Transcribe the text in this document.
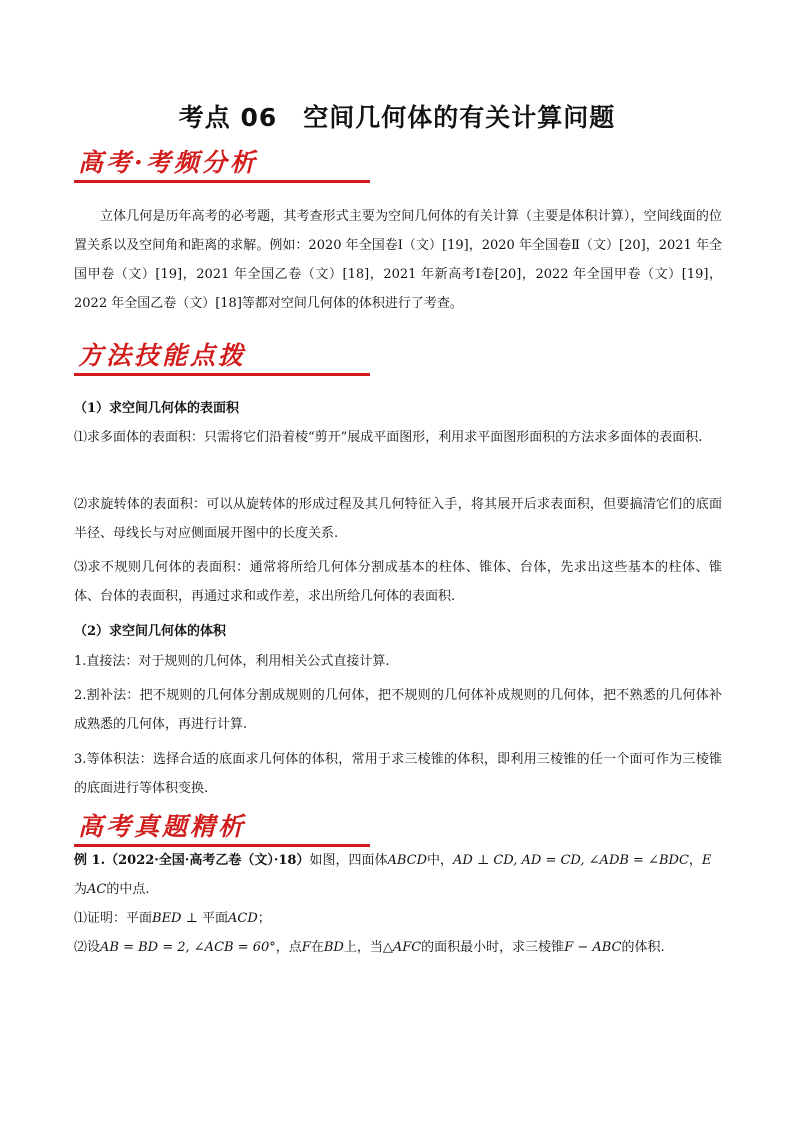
考点 06　空间几何体的有关计算问题
高考·考频分析

立体几何是历年高考的必考题，其考查形式主要为空间几何体的有关计算（主要是体积计算），空间线面的位置关系以及空间角和距离的求解。例如：2020 年全国卷Ⅰ（文）[19]，2020 年全国卷Ⅱ（文）[20]，2021 年全国甲卷（文）[19]，2021 年全国乙卷（文）[18]，2021 年新高考Ⅰ卷[20]，2022 年全国甲卷（文）[19]，2022 年全国乙卷（文）[18]等都对空间几何体的体积进行了考查。

方法技能点拨

（1）求空间几何体的表面积

⑴求多面体的表面积：只需将它们沿着棱“剪开”展成平面图形，利用求平面图形面积的方法求多面体的表面积.

⑵求旋转体的表面积：可以从旋转体的形成过程及其几何特征入手，将其展开后求表面积，但要搞清它们的底面半径、母线长与对应侧面展开图中的长度关系.

⑶求不规则几何体的表面积：通常将所给几何体分割成基本的柱体、锥体、台体，先求出这些基本的柱体、锥体、台体的表面积，再通过求和或作差，求出所给几何体的表面积.

（2）求空间几何体的体积

1.直接法：对于规则的几何体，利用相关公式直接计算.

2.割补法：把不规则的几何体分割成规则的几何体，把不规则的几何体补成规则的几何体，把不熟悉的几何体补成熟悉的几何体，再进行计算.

3.等体积法：选择合适的底面求几何体的体积，常用于求三棱锥的体积，即利用三棱锥的任一个面可作为三棱锥的底面进行等体积变换.

高考真题精析

例 1.（2022·全国·高考乙卷（文）·18）如图，四面体ABCD中，AD ⊥ CD, AD = CD, ∠ADB = ∠BDC，E
为AC的中点.
⑴证明：平面BED ⊥ 平面ACD；
⑵设AB = BD = 2, ∠ACB = 60°，点F在BD上，当△AFC的面积最小时，求三棱锥F − ABC的体积.
